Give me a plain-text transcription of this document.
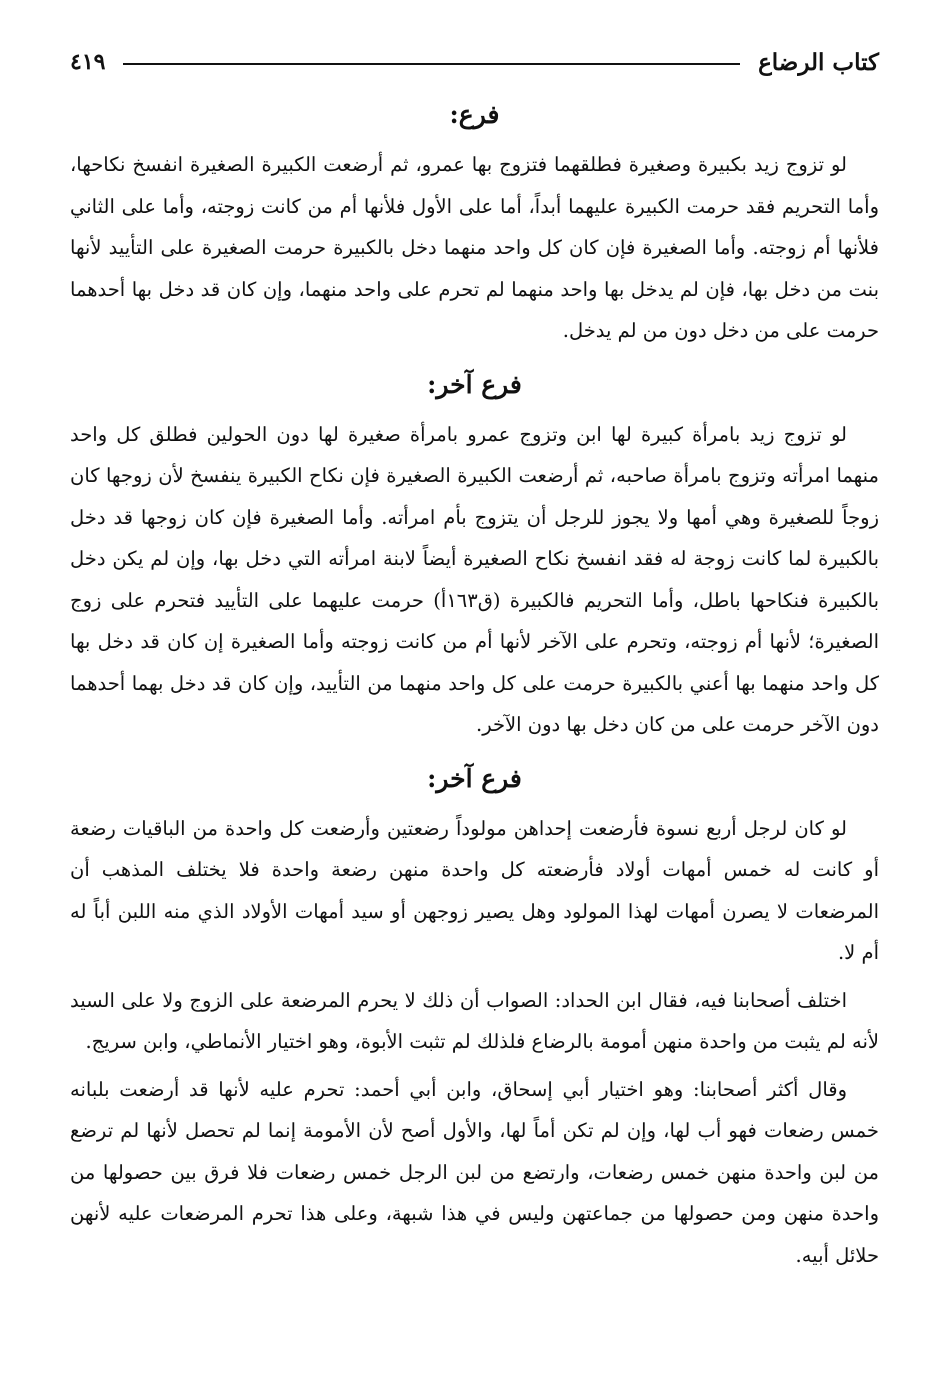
كتاب الرضاع
٤١٩
فرع:

لو تزوج زيد بكبيرة وصغيرة فطلقهما فتزوج بها عمرو، ثم أرضعت الكبيرة الصغيرة انفسخ نكاحها، وأما التحريم فقد حرمت الكبيرة عليهما أبداً، أما على الأول فلأنها أم من كانت زوجته، وأما على الثاني فلأنها أم زوجته. وأما الصغيرة فإن كان كل واحد منهما دخل بالكبيرة حرمت الصغيرة على التأييد لأنها بنت من دخل بها، فإن لم يدخل بها واحد منهما لم تحرم على واحد منهما، وإن كان قد دخل بها أحدهما حرمت على من دخل دون من لم يدخل.

فرع آخر:

لو تزوج زيد بامرأة كبيرة لها ابن وتزوج عمرو بامرأة صغيرة لها دون الحولين فطلق كل واحد منهما امرأته وتزوج بامرأة صاحبه، ثم أرضعت الكبيرة الصغيرة فإن نكاح الكبيرة ينفسخ لأن زوجها كان زوجاً للصغيرة وهي أمها ولا يجوز للرجل أن يتزوج بأم امرأته. وأما الصغيرة فإن كان زوجها قد دخل بالكبيرة لما كانت زوجة له فقد انفسخ نكاح الصغيرة أيضاً لابنة امرأته التي دخل بها، وإن لم يكن دخل بالكبيرة فنكاحها باطل، وأما التحريم فالكبيرة (ق١٦٣أ) حرمت عليهما على التأييد فتحرم على زوج الصغيرة؛ لأنها أم زوجته، وتحرم على الآخر لأنها أم من كانت زوجته وأما الصغيرة إن كان قد دخل بها كل واحد منهما بها أعني بالكبيرة حرمت على كل واحد منهما من التأييد، وإن كان قد دخل بهما أحدهما دون الآخر حرمت على من كان دخل بها دون الآخر.

فرع آخر:

لو كان لرجل أربع نسوة فأرضعت إحداهن مولوداً رضعتين وأرضعت كل واحدة من الباقيات رضعة أو كانت له خمس أمهات أولاد فأرضعته كل واحدة منهن رضعة واحدة فلا يختلف المذهب أن المرضعات لا يصرن أمهات لهذا المولود وهل يصير زوجهن أو سيد أمهات الأولاد الذي منه اللبن أباً له أم لا.

اختلف أصحابنا فيه، فقال ابن الحداد: الصواب أن ذلك لا يحرم المرضعة على الزوج ولا على السيد لأنه لم يثبت من واحدة منهن أمومة بالرضاع فلذلك لم تثبت الأبوة، وهو اختيار الأنماطي، وابن سريج.

وقال أكثر أصحابنا: وهو اختيار أبي إسحاق، وابن أبي أحمد: تحرم عليه لأنها قد أرضعت بلبانه خمس رضعات فهو أب لها، وإن لم تكن أماً لها، والأول أصح لأن الأمومة إنما لم تحصل لأنها لم ترضع من لبن واحدة منهن خمس رضعات، وارتضع من لبن الرجل خمس رضعات فلا فرق بين حصولها من واحدة منهن ومن حصولها من جماعتهن وليس في هذا شبهة، وعلى هذا تحرم المرضعات عليه لأنهن حلائل أبيه.
